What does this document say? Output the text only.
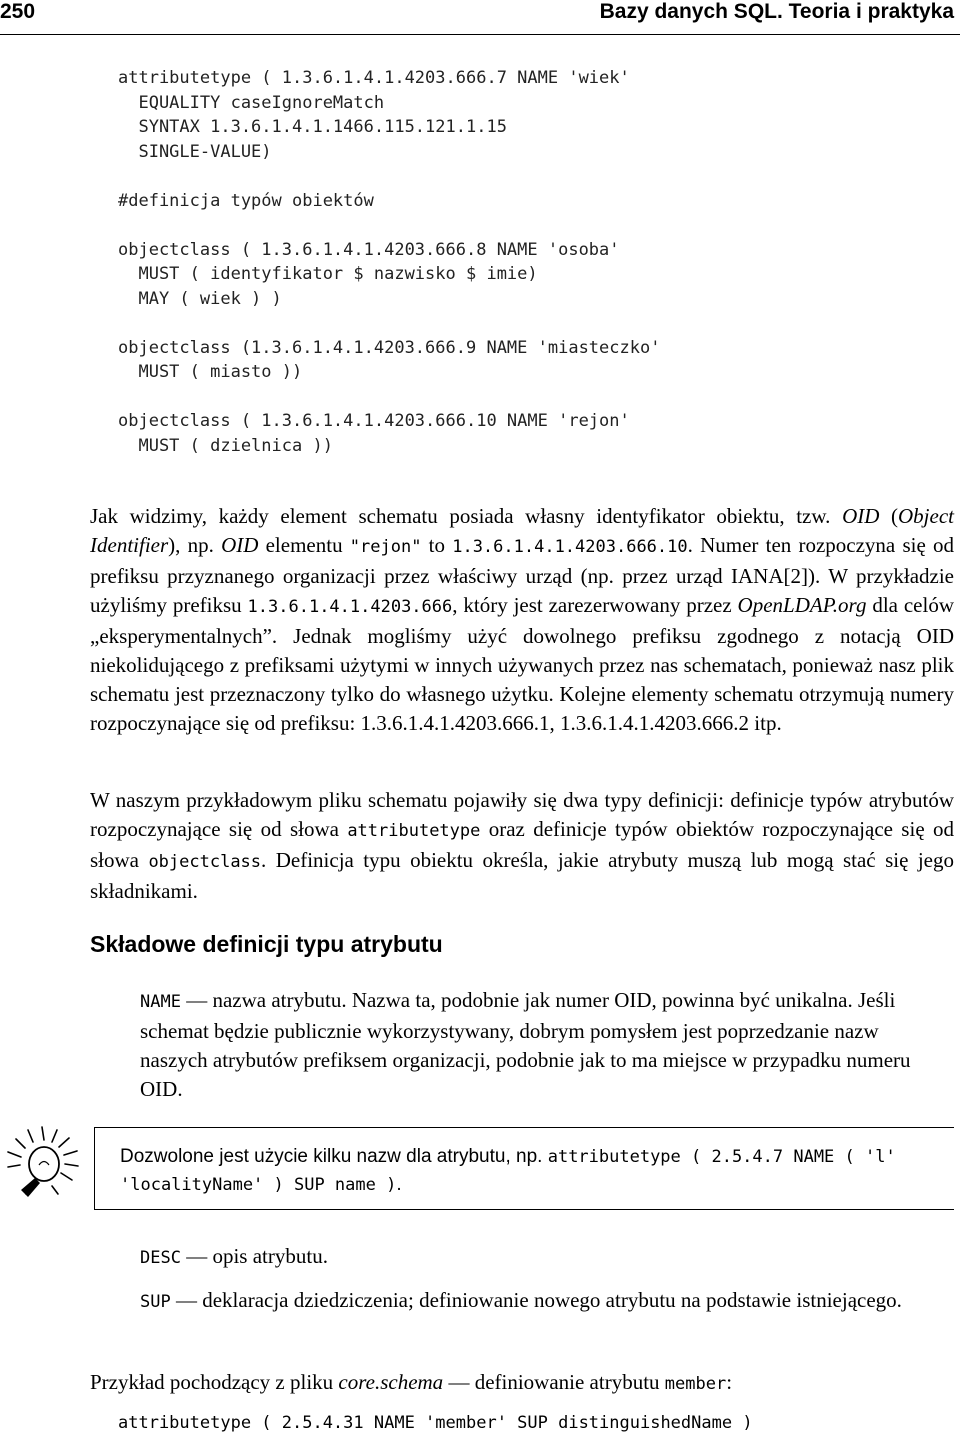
250	Bazy danych SQL. Teoria i praktyka
attributetype ( 1.3.6.1.4.1.4203.666.7 NAME 'wiek'
EQUALITY caseIgnoreMatch
SYNTAX 1.3.6.1.4.1.1466.115.121.1.15
SINGLE-VALUE)
#definicja typów obiektów
objectclass ( 1.3.6.1.4.1.4203.666.8 NAME 'osoba'
MUST ( identyfikator $ nazwisko $ imie)
MAY ( wiek ) )
objectclass (1.3.6.1.4.1.4203.666.9 NAME 'miasteczko'
MUST ( miasto ))
objectclass ( 1.3.6.1.4.1.4203.666.10 NAME 'rejon'
MUST ( dzielnica ))

Jak widzimy, każdy element schematu posiada własny identyfikator obiektu, tzw. OID (Object Identifier), np. OID elementu "rejon" to 1.3.6.1.4.1.4203.666.10. Numer ten rozpoczyna się od prefiksu przyznanego organizacji przez właściwy urząd (np. przez urząd IANA[2]). W przykładzie użyliśmy prefiksu 1.3.6.1.4.1.4203.666, który jest zarezerwowany przez OpenLDAP.org dla celów „eksperymentalnych”. Jednak mogliśmy użyć dowolnego prefiksu zgodnego z notacją OID niekolidującego z prefiksami użytymi w innych używanych przez nas schematach, ponieważ nasz plik schematu jest przeznaczony tylko do własnego użytku. Kolejne elementy schematu otrzymują numery rozpoczynające się od prefiksu: 1.3.6.1.4.1.4203.666.1, 1.3.6.1.4.1.4203.666.2 itp.

W naszym przykładowym pliku schematu pojawiły się dwa typy definicji: definicje typów atrybutów rozpoczynające się od słowa attributetype oraz definicje typów obiektów rozpoczynające się od słowa objectclass. Definicja typu obiektu określa, jakie atrybuty muszą lub mogą stać się jego składnikami.

Składowe definicji typu atrybutu

NAME — nazwa atrybutu. Nazwa ta, podobnie jak numer OID, powinna być unikalna. Jeśli schemat będzie publicznie wykorzystywany, dobrym pomysłem jest poprzedzanie nazw naszych atrybutów prefiksem organizacji, podobnie jak to ma miejsce w przypadku numeru OID.

Dozwolone jest użycie kilku nazw dla atrybutu, np. attributetype ( 2.5.4.7 NAME ( 'l' 'localityName' ) SUP name ).

DESC — opis atrybutu.

SUP — deklaracja dziedziczenia; definiowanie nowego atrybutu na podstawie istniejącego.

Przykład pochodzący z pliku core.schema — definiowanie atrybutu member:

attributetype ( 2.5.4.31 NAME 'member' SUP distinguishedName )
